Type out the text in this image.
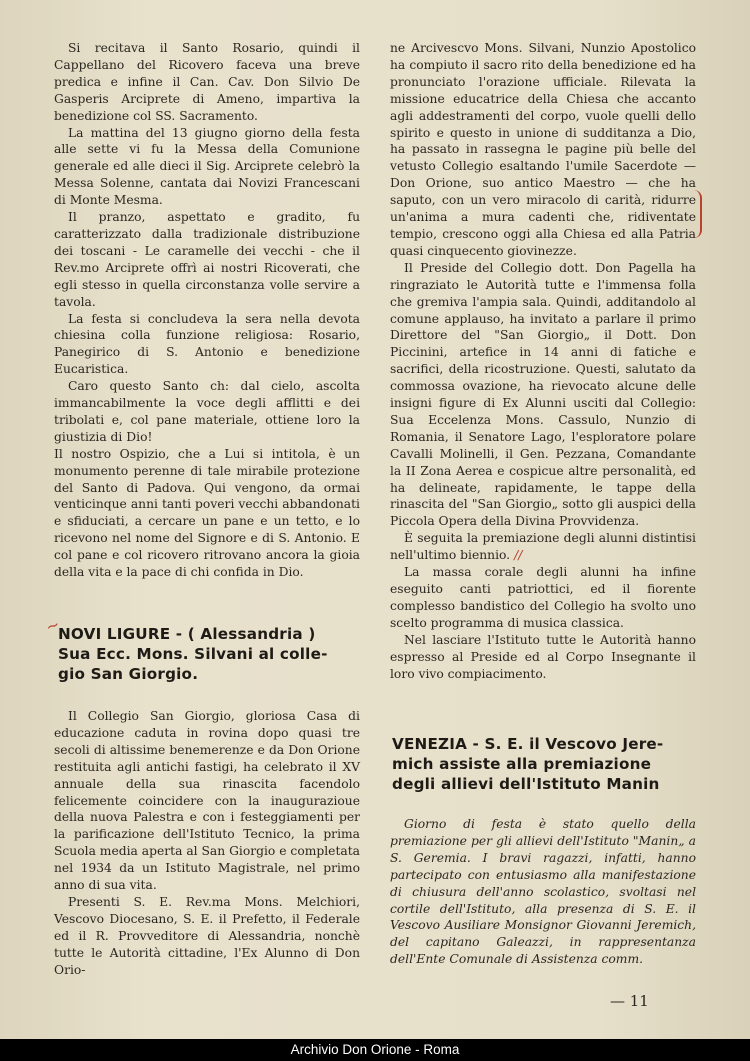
Si recitava il Santo Rosario, quindi il Cappellano del Ricovero faceva una breve predica e infine il Can. Cav. Don Silvio De Gasperis Arciprete di Ameno, impartiva la benedizione col SS. Sacramento.

La mattina del 13 giugno giorno della festa alle sette vi fu la Messa della Comunione generale ed alle dieci il Sig. Arciprete celebrò la Messa Solenne, cantata dai Novizi Francescani di Monte Mesma.

Il pranzo, aspettato e gradito, fu caratterizzato dalla tradizionale distribuzione dei toscani - Le caramelle dei vecchi - che il Rev.mo Arciprete offrì ai nostri Ricoverati, che egli stesso in quella circonstanza volle servire a tavola.

La festa si concludeva la sera nella devota chiesina colla funzione religiosa: Rosario, Panegirico di S. Antonio e benedizione Eucaristica.

Caro questo Santo ch: dal cielo, ascolta immancabilmente la voce degli afflitti e dei tribolati e, col pane materiale, ottiene loro la giustizia di Dio!

Il nostro Ospizio, che a Lui si intitola, è un monumento perenne di tale mirabile protezione del Santo di Padova. Qui vengono, da ormai venticinque anni tanti poveri vecchi abbandonati e sfiduciati, a cercare un pane e un tetto, e lo ricevono nel nome del Signore e di S. Antonio. E col pane e col ricovero ritrovano ancora la gioia della vita e la pace di chi confida in Dio.

~
NOVI LIGURE - ( Alessandria )
Sua Ecc. Mons. Silvani al colle-
gio San Giorgio.

Il Collegio San Giorgio, gloriosa Casa di educazione caduta in rovina dopo quasi tre secoli di altissime benemerenze e da Don Orione restituita agli antichi fastigi, ha celebrato il XV annuale della sua rinascita facendolo felicemente coincidere con la inaugurazioue della nuova Palestra e con i festeggiamenti per la parificazione dell'Istituto Tecnico, la prima Scuola media aperta al San Giorgio e completata nel 1934 da un Istituto Magistrale, nel primo anno di sua vita.

Presenti S. E. Rev.ma Mons. Melchiori, Vescovo Diocesano, S. E. il Prefetto, il Federale ed il R. Provveditore di Alessandria, nonchè tutte le Autorità cittadine, l'Ex Alunno di Don Orio-

ne Arcivescvo Mons. Silvani, Nunzio Apostolico ha compiuto il sacro rito della benedizione ed ha pronunciato l'orazione ufficiale. Rilevata la missione educatrice della Chiesa che accanto agli addestramenti del corpo, vuole quelli dello spirito e questo in unione di sudditanza a Dio, ha passato in rassegna le pagine più belle del vetusto Collegio esaltando l'umile Sacerdote — Don Orione, suo antico Maestro — che ha saputo, con un vero miracolo di carità, ridurre un'anima a mura cadenti che, ridiventate tempio, crescono oggi alla Chiesa ed alla Patria quasi cinquecento giovinezze.

Il Preside del Collegio dott. Don Pagella ha ringraziato le Autorità tutte e l'immensa folla che gremiva l'ampia sala. Quindi, additandolo al comune applauso, ha invitato a parlare il primo Direttore del "San Giorgio„ il Dott. Don Piccinini, artefice in 14 anni di fatiche e sacrifici, della ricostruzione. Questi, salutato da commossa ovazione, ha rievocato alcune delle insigni figure di Ex Alunni usciti dal Collegio: Sua Eccelenza Mons. Cassulo, Nunzio di Romania, il Senatore Lago, l'esploratore polare Cavalli Molinelli, il Gen. Pezzana, Comandante la II Zona Aerea e cospicue altre personalità, ed ha delineate, rapidamente, le tappe della rinascita del "San Giorgio„ sotto gli auspici della Piccola Opera della Divina Provvidenza.

È seguita la premiazione degli alunni distintisi nell'ultimo biennio. //

La massa corale degli alunni ha infine eseguito canti patriottici, ed il fiorente complesso bandistico del Collegio ha svolto uno scelto programma di musica classica.

Nel lasciare l'Istituto tutte le Autorità hanno espresso al Preside ed al Corpo Insegnante il loro vivo compiacimento.

VENEZIA - S. E. il Vescovo Jere-
mich assiste alla premiazione
degli allievi dell'Istituto Manin

Giorno di festa è stato quello della premiazione per gli allievi dell'Istituto "Manin„ a S. Geremia. I bravi ragazzi, infatti, hanno partecipato con entusiasmo alla manifestazione di chiusura dell'anno scolastico, svoltasi nel cortile dell'Istituto, alla presenza di S. E. il Vescovo Ausiliare Monsignor Giovanni Jeremich, del capitano Galeazzi, in rappresentanza dell'Ente Comunale di Assistenza comm.

— 11
Archivio Don Orione - Roma
